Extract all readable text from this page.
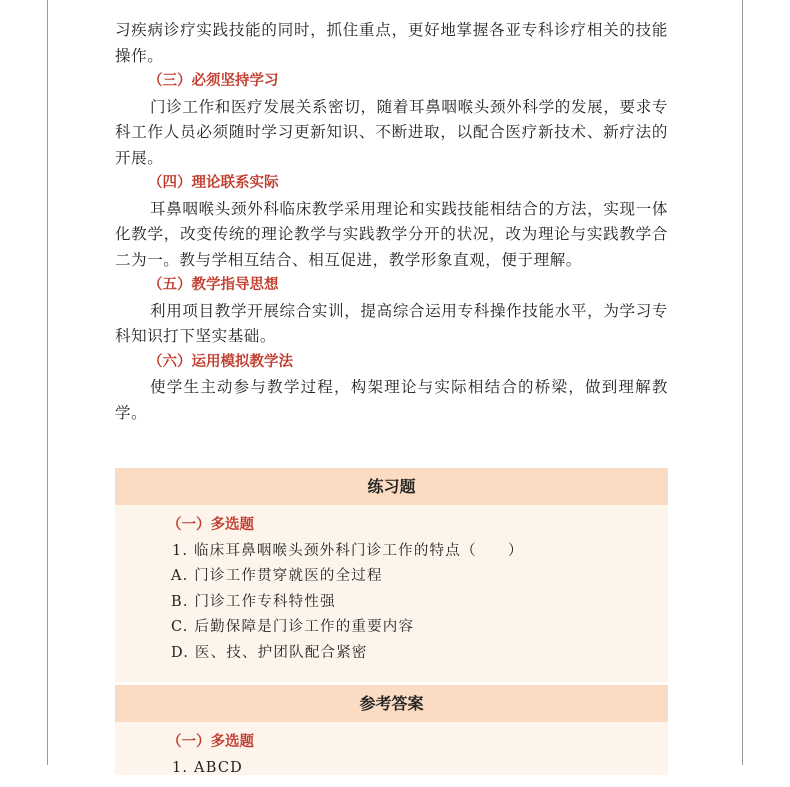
习疾病诊疗实践技能的同时，抓住重点，更好地掌握各亚专科诊疗相关的技能操作。

（三）必须坚持学习

门诊工作和医疗发展关系密切，随着耳鼻咽喉头颈外科学的发展，要求专科工作人员必须随时学习更新知识、不断进取，以配合医疗新技术、新疗法的开展。

（四）理论联系实际

耳鼻咽喉头颈外科临床教学采用理论和实践技能相结合的方法，实现一体化教学，改变传统的理论教学与实践教学分开的状况，改为理论与实践教学合二为一。教与学相互结合、相互促进，教学形象直观，便于理解。

（五）教学指导思想

利用项目教学开展综合实训，提高综合运用专科操作技能水平，为学习专科知识打下坚实基础。

（六）运用模拟教学法

使学生主动参与教学过程，构架理论与实际相结合的桥梁，做到理解教学。

练习题

（一）多选题

1. 临床耳鼻咽喉头颈外科门诊工作的特点（　　）

A. 门诊工作贯穿就医的全过程

B. 门诊工作专科特性强

C. 后勤保障是门诊工作的重要内容

D. 医、技、护团队配合紧密

参考答案

（一）多选题

1. ABCD
